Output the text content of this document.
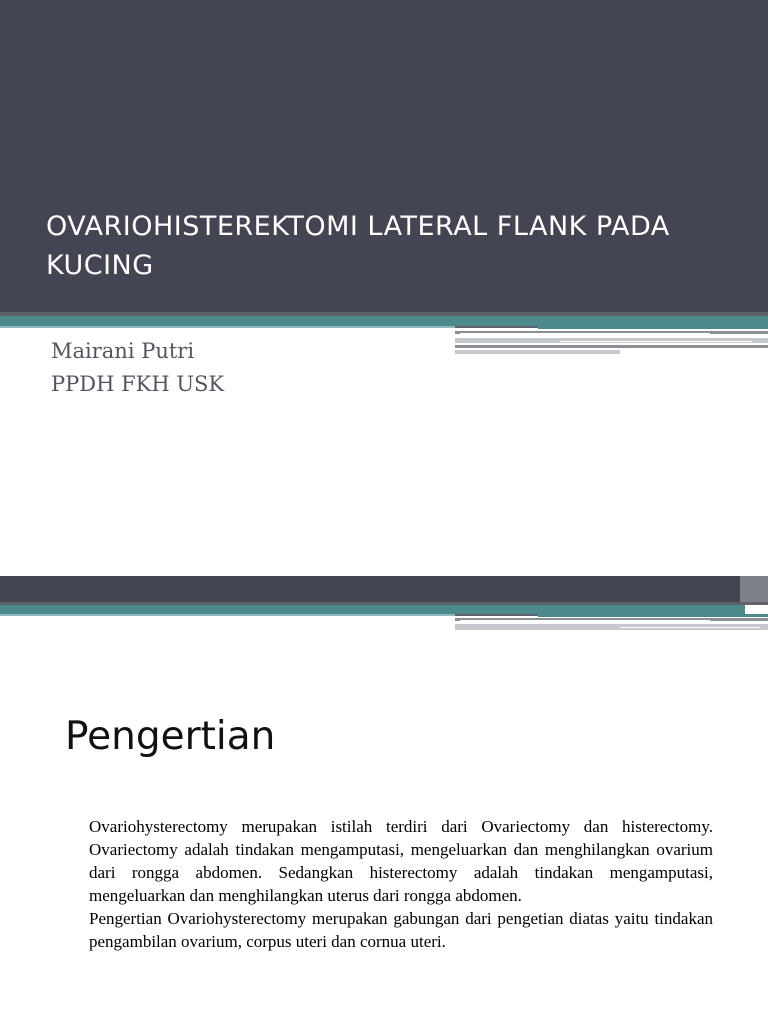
OVARIOHISTEREKTOMI LATERAL FLANK PADA KUCING
Mairani Putri
PPDH FKH USK
Pengertian

Ovariohysterectomy merupakan istilah terdiri dari Ovariectomy dan histerectomy. Ovariectomy adalah tindakan mengamputasi, mengeluarkan dan menghilangkan ovarium dari rongga abdomen. Sedangkan histerectomy adalah tindakan mengamputasi, mengeluarkan dan menghilangkan uterus dari rongga abdomen.

Pengertian Ovariohysterectomy merupakan gabungan dari pengetian diatas yaitu tindakan pengambilan ovarium, corpus uteri dan cornua uteri.
